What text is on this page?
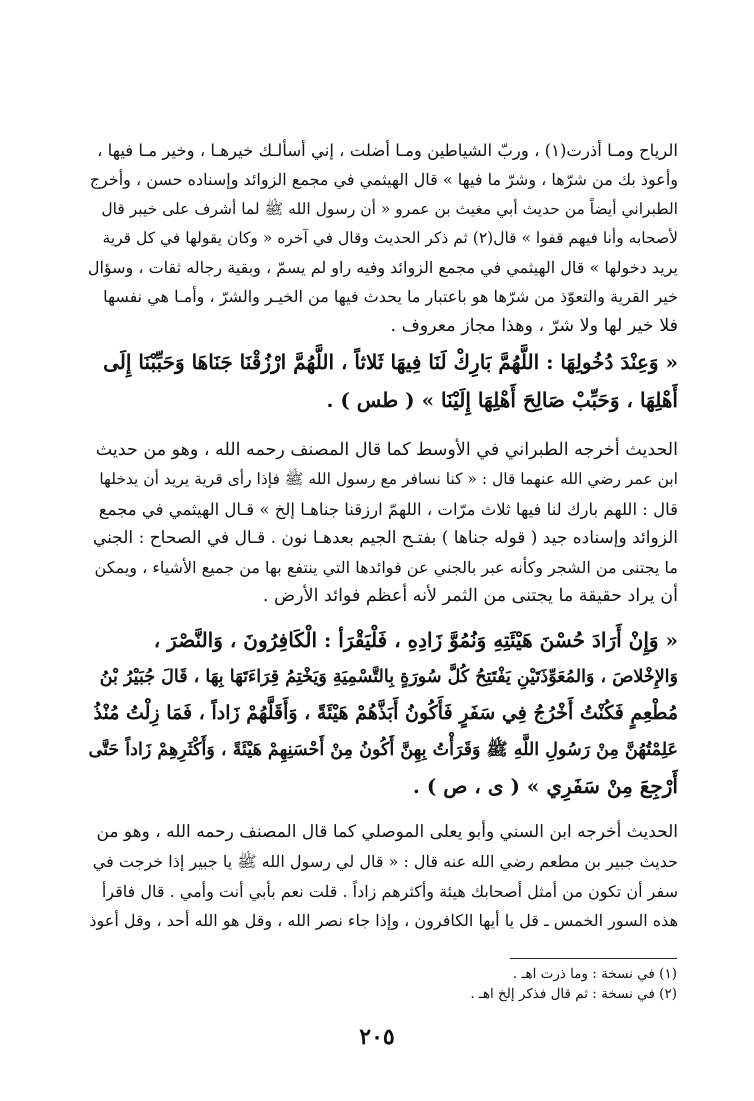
الرياح ومـا أذرت(١) ، وربّ الشياطين ومـا أضلت ، إني أسألـك خيرهـا ، وخير مـا فيها ،
وأعوذ بك من شرّها ، وشرّ ما فيها » قال الهيثمي في مجمع الزوائد وإسناده حسن ، وأخرج
الطبراني أيضاً من حديث أبي مغيث بن عمرو « أن رسول الله ﷺ لما أشرف على خيبر قال
لأصحابه وأنا فيهم قفوا » قال(٢) ثم ذكر الحديث وقال في آخره « وكان يقولها في كل قرية
يريد دخولها » قال الهيثمي في مجمع الزوائد وفيه راو لم يسمّ ، وبقية رجاله ثقات ، وسؤال
خير القرية والتعوّذ من شرّها هو باعتبار ما يحدث فيها من الخيـر والشرّ ، وأمـا هي نفسها
فلا خير لها ولا شرّ ، وهذا مجاز معروف .

« وَعِنْدَ دُخُولِهَا : اللَّهُمَّ بَارِكْ لَنَا فِيهَا ثَلاثاً ، اللَّهُمَّ ارْزُقْنَا جَنَاهَا وَحَبِّبْنَا إِلَى
أَهْلِهَا ، وَحَبِّبْ صَالِحَ أَهْلِهَا إِلَيْنَا » ( طس ) .

الحديث أخرجه الطبراني في الأوسط كما قال المصنف رحمه الله ، وهو من حديث
ابن عمر رضي الله عنهما قال : « كنا نسافر مع رسول الله ﷺ فإذا رأى قرية يريد أن يدخلها
قال : اللهم بارك لنا فيها ثلاث مرّات ، اللهمّ ارزقنا جناهـا إلخ » قـال الهيثمي في مجمع
الزوائد وإسناده جيد ( قوله جناها ) بفتـح الجيم بعدهـا نون . قـال في الصحاح : الجني
ما يجتنى من الشجر وكأنه عبر بالجني عن فوائدها التي ينتفع بها من جميع الأشياء ، ويمكن
أن يراد حقيقة ما يجتنى من الثمر لأنه أعظم فوائد الأرض .

« وَإِنْ أَرَادَ حُسْنَ هَيْئَتِهِ وَنُمُوَّ زَادِهِ ، فَلْيَقْرَأ : الْكَافِرُونَ ، وَالنَّصْرَ ،
وَالإِخْلاصَ ، وَالمُعَوِّذَتَيْنِ يَفْتَتِحُ كُلَّ سُورَةٍ بِالتَّسْمِيَةِ وَيَخْتِمُ قِرَاءَتَهَا بِهَا ، قَالَ جُبَيْرُ بْنُ
مُطْعِمٍ فَكُنْتُ أَخْرُجُ فِي سَفَرٍ فَأَكُونُ أَبَذَّهُمْ هَيْئَةً ، وَأَقَلَّهُمْ زَاداً ، فَمَا زِلْتُ مُنْذُ
عَلِمْتُهُنَّ مِنْ رَسُولِ اللَّهِ ﷺ وَقَرَأْتُ بِهِنَّ أَكُونُ مِنْ أَحْسَنِهِمْ هَيْئَةً ، وَأَكْثَرِهِمْ زَاداً حَتَّى
أَرْجِعَ مِنْ سَفَرِي » ( ى ، ص ) .

الحديث أخرجه ابن السني وأبو يعلى الموصلي كما قال المصنف رحمه الله ، وهو من
حديث جبير بن مطعم رضي الله عنه قال : « قال لي رسول الله ﷺ يا جبير إذا خرجت في
سفر أن تكون من أمثل أصحابك هيئة وأكثرهم زاداً . قلت نعم بأبي أنت وأمي . قال فاقرأ
هذه السور الخمس ـ قل يا أيها الكافرون ، وإذا جاء نصر الله ، وقل هو الله أحد ، وقل أعوذ

(١) في نسخة : وما ذرت اهـ .
(٢) في نسخة : ثم قال فذكر إلخ اهـ .
٢٠٥
